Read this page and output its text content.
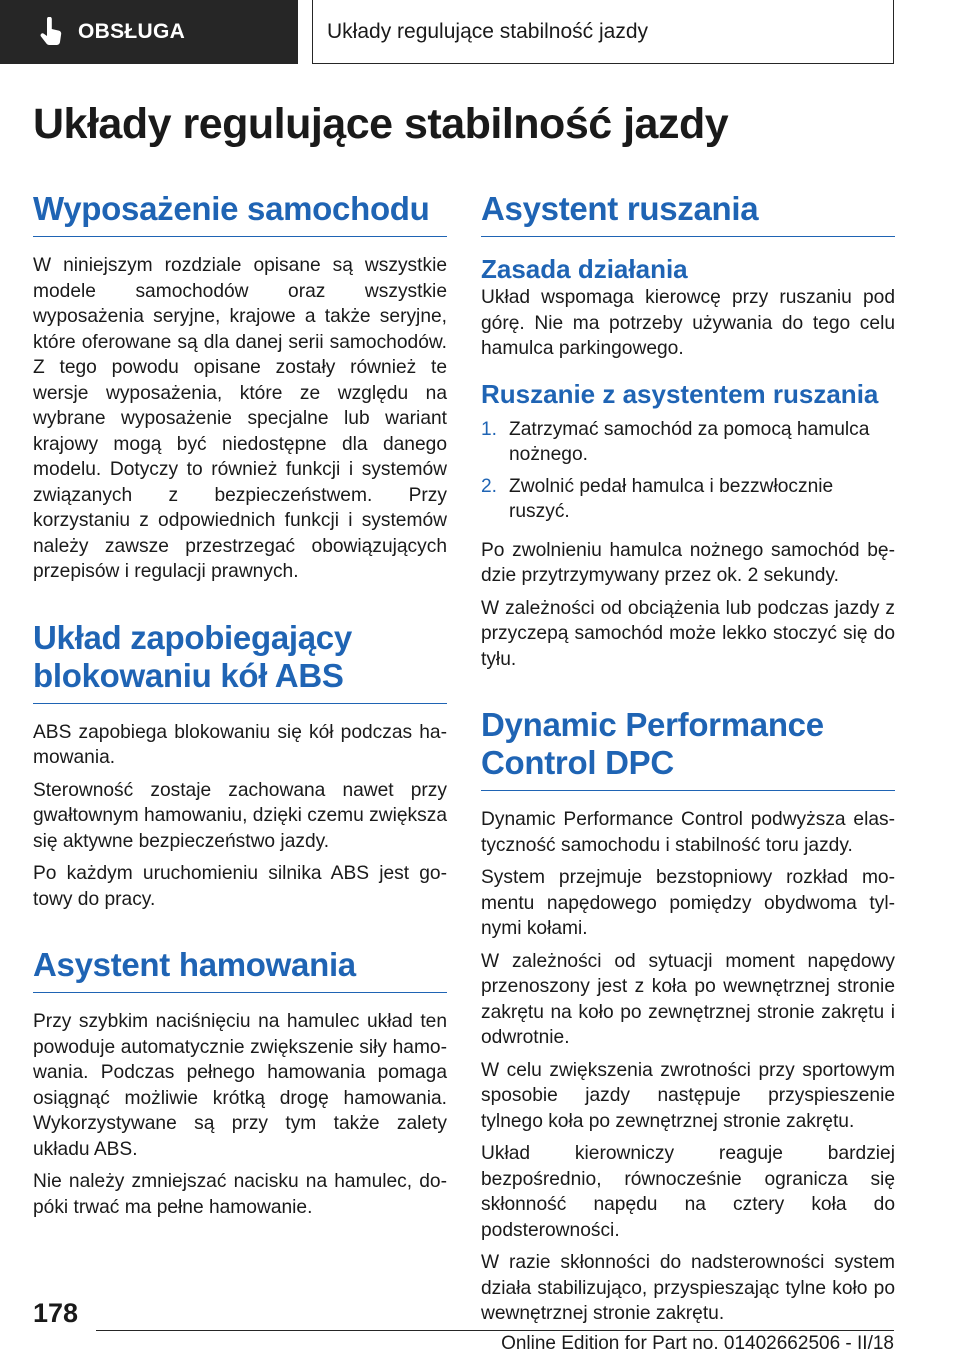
OBSŁUGA	Układy regulujące stabilność jazdy
Układy regulujące stabilność jazdy
Wyposażenie samochodu

W niniejszym rozdziale opisane są wszystkie modele samochodów oraz wszystkie wyposażenia seryjne, krajowe a także seryjne, które oferowane są dla danej serii samochodów. Z tego powodu opisane zostały również te wersje wyposażenia, które ze względu na wybrane wyposażenie specjalne lub wariant krajowy mogą być niedostępne dla danego modelu. Dotyczy to również funkcji i systemów związanych z bezpieczeństwem. Przy korzystaniu z odpowiednich funkcji i systemów należy zawsze przestrzegać obowiązujących przepisów i regulacji prawnych.

Układ zapobiegający blokowaniu kół ABS

ABS zapobiega blokowaniu się kół podczas hamowania.

Sterowność zostaje zachowana nawet przy gwałtownym hamowaniu, dzięki czemu zwiększa się aktywne bezpieczeństwo jazdy.

Po każdym uruchomieniu silnika ABS jest gotowy do pracy.

Asystent hamowania

Przy szybkim naciśnięciu na hamulec układ ten powoduje automatycznie zwiększenie siły hamowania. Podczas pełnego hamowania pomaga osiągnąć możliwie krótką drogę hamowania. Wykorzystywane są przy tym także zalety układu ABS.

Nie należy zmniejszać nacisku na hamulec, dopóki trwać ma pełne hamowanie.

Asystent ruszania
Zasada działania

Układ wspomaga kierowcę przy ruszaniu pod górę. Nie ma potrzeby używania do tego celu hamulca parkingowego.

Ruszanie z asystentem ruszania
1. Zatrzymać samochód za pomocą hamulca nożnego.
2. Zwolnić pedał hamulca i bezzwłocznie ruszyć.

Po zwolnieniu hamulca nożnego samochód będzie przytrzymywany przez ok. 2 sekundy.

W zależności od obciążenia lub podczas jazdy z przyczepą samochód może lekko stoczyć się do tyłu.

Dynamic Performance Control DPC

Dynamic Performance Control podwyższa elastyczność samochodu i stabilność toru jazdy.

System przejmuje bezstopniowy rozkład momentu napędowego pomiędzy obydwoma tylnymi kołami.

W zależności od sytuacji moment napędowy przenoszony jest z koła po wewnętrznej stronie zakrętu na koło po zewnętrznej stronie zakrętu i odwrotnie.

W celu zwiększenia zwrotności przy sportowym sposobie jazdy następuje przyspieszenie tylnego koła po zewnętrznej stronie zakrętu.

Układ kierowniczy reaguje bardziej bezpośrednio, równocześnie ogranicza się skłonność napędu na cztery koła do podsterowności.

W razie skłonności do nadsterowności system działa stabilizująco, przyspieszając tylne koło po wewnętrznej stronie zakrętu.

178
Online Edition for Part no. 01402662506 - II/18
